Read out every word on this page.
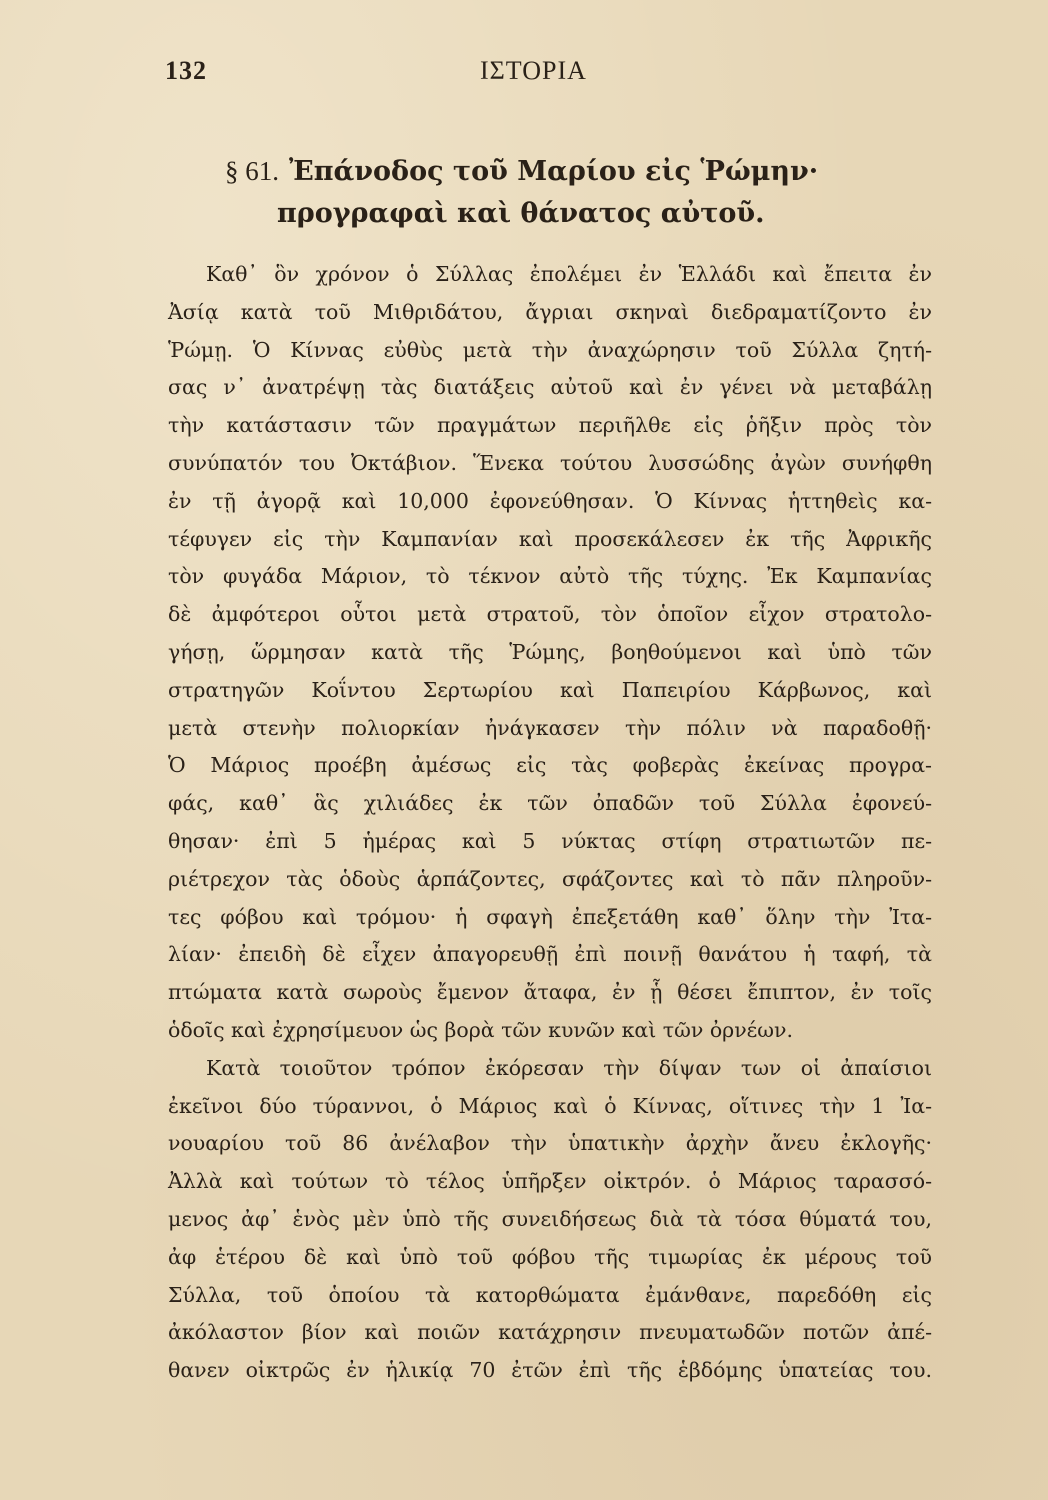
132	ΙΣΤΟΡΙΑ
§ 61. Ἐπάνοδος τοῦ Μαρίου εἰς Ῥώμην·
προγραφαὶ καὶ θάνατος αὐτοῦ.
Καθ᾿ ὃν χρόνον ὁ Σύλλας ἐπολέμει ἐν Ἑλλάδι καὶ ἔπειτα ἐν
Ἀσίᾳ κατὰ τοῦ Μιθριδάτου, ἄγριαι σκηναὶ διεδραματίζοντο ἐν
Ῥώμῃ. Ὁ Κίννας εὐθὺς μετὰ τὴν ἀναχώρησιν τοῦ Σύλλα ζητή-
σας ν᾿ ἀνατρέψῃ τὰς διατάξεις αὐτοῦ καὶ ἐν γένει νὰ μεταβάλῃ
τὴν κατάστασιν τῶν πραγμάτων περιῆλθε εἰς ῥῆξιν πρὸς τὸν
συνύπατόν του Ὀκτάβιον. Ἕνεκα τούτου λυσσώδης ἀγὼν συνήφθη
ἐν τῇ ἀγορᾷ καὶ 10,000 ἐφονεύθησαν. Ὁ Κίννας ἡττηθεὶς κα-
τέφυγεν εἰς τὴν Καμπανίαν καὶ προσεκάλεσεν ἐκ τῆς Ἀφρικῆς
τὸν φυγάδα Μάριον, τὸ τέκνον αὐτὸ τῆς τύχης. Ἐκ Καμπανίας
δὲ ἀμφότεροι οὗτοι μετὰ στρατοῦ, τὸν ὁποῖον εἶχον στρατολο-
γήσῃ, ὥρμησαν κατὰ τῆς Ῥώμης, βοηθούμενοι καὶ ὑπὸ τῶν
στρατηγῶν Κοΐντου Σερτωρίου καὶ Παπειρίου Κάρβωνος, καὶ
μετὰ στενὴν πολιορκίαν ἠνάγκασεν τὴν πόλιν νὰ παραδοθῇ·
Ὁ Μάριος προέβη ἀμέσως εἰς τὰς φοβερὰς ἐκείνας προγρα-
φάς, καθ᾿ ἃς χιλιάδες ἐκ τῶν ὀπαδῶν τοῦ Σύλλα ἐφονεύ-
θησαν· ἐπὶ 5 ἡμέρας καὶ 5 νύκτας στίφη στρατιωτῶν πε-
ριέτρεχον τὰς ὁδοὺς ἁρπάζοντες, σφάζοντες καὶ τὸ πᾶν πληροῦν-
τες φόβου καὶ τρόμου· ἡ σφαγὴ ἐπεξετάθη καθ᾿ ὅλην τὴν Ἰτα-
λίαν· ἐπειδὴ δὲ εἶχεν ἀπαγορευθῇ ἐπὶ ποινῇ θανάτου ἡ ταφή, τὰ
πτώματα κατὰ σωροὺς ἔμενον ἄταφα, ἐν ᾗ θέσει ἔπιπτον, ἐν τοῖς
ὁδοῖς καὶ ἐχρησίμευον ὡς βορὰ τῶν κυνῶν καὶ τῶν ὀρνέων.
Κατὰ τοιοῦτον τρόπον ἐκόρεσαν τὴν δίψαν των οἱ ἀπαίσιοι
ἐκεῖνοι δύο τύραννοι, ὁ Μάριος καὶ ὁ Κίννας, οἵτινες τὴν 1 Ἰα-
νουαρίου τοῦ 86 ἀνέλαβον τὴν ὑπατικὴν ἀρχὴν ἄνευ ἐκλογῆς·
Ἀλλὰ καὶ τούτων τὸ τέλος ὑπῆρξεν οἰκτρόν. ὁ Μάριος ταρασσό-
μενος ἀφ᾿ ἑνὸς μὲν ὑπὸ τῆς συνειδήσεως διὰ τὰ τόσα θύματά του,
ἀφ ἑτέρου δὲ καὶ ὑπὸ τοῦ φόβου τῆς τιμωρίας ἐκ μέρους τοῦ
Σύλλα, τοῦ ὁποίου τὰ κατορθώματα ἐμάνθανε, παρεδόθη εἰς
ἀκόλαστον βίον καὶ ποιῶν κατάχρησιν πνευματωδῶν ποτῶν ἀπέ-
θανεν οἰκτρῶς ἐν ἡλικίᾳ 70 ἐτῶν ἐπὶ τῆς ἑβδόμης ὑπατείας του.
